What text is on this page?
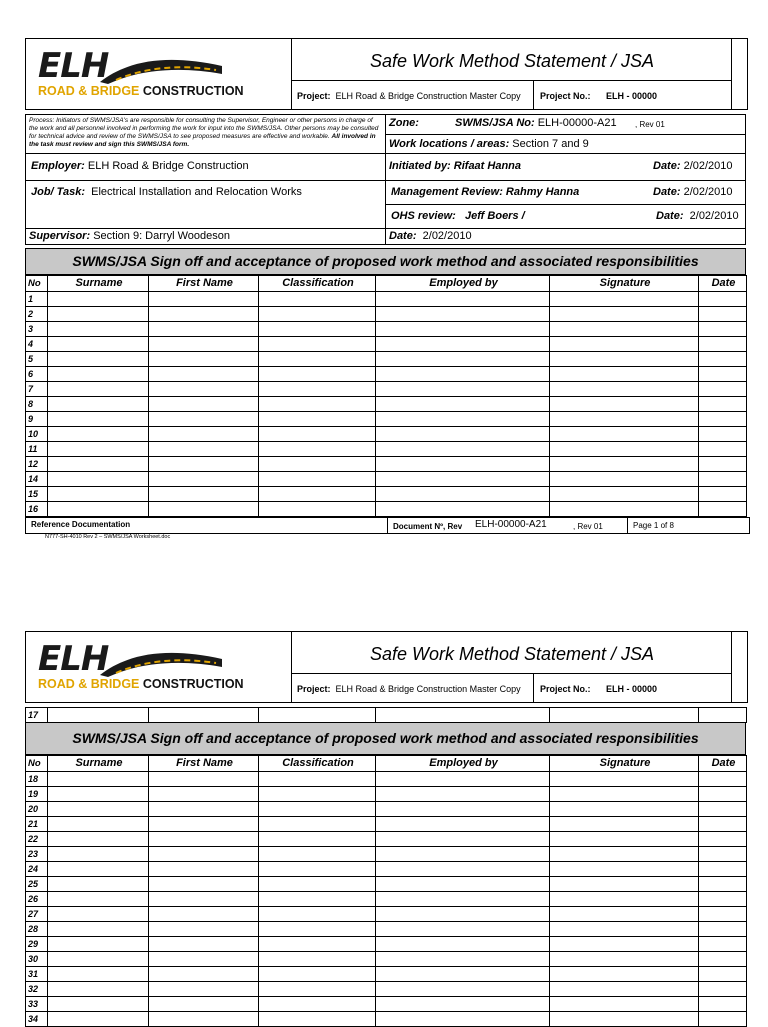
ELH
ROAD & BRIDGE CONSTRUCTION
Safe Work Method Statement / JSA
Project: ELH Road & Bridge Construction Master Copy Project No.: ELH - 00000
Process: Initiators of SWMS/JSA's are responsible for consulting the Supervisor, Engineer or other persons in charge of the work and all personnel involved in performing the work for input into the SWMS/JSA. Other persons may be consulted for technical advice and review of the SWMS/JSA to see proposed measures are effective and workable. All involved in the task must review and sign this SWMS/JSA form.
Zone:	SWMS/JSA No: ELH-00000-A21 , Rev 01
Work locations / areas: Section 7 and 9
Employer: ELH Road & Bridge Construction	Initiated by: Rifaat Hanna	Date: 2/02/2010
Job/ Task: Electrical Installation and Relocation Works	Management Review: Rahmy Hanna	Date: 2/02/2010
OHS review: Jeff Boers /	Date: 2/02/2010
Supervisor: Section 9: Darryl Woodeson	Date: 2/02/2010
SWMS/JSA Sign off and acceptance of proposed work method and associated responsibilities
No	Surname	First Name	Classification	Employed by	Signature	Date
1						
2						
3						
4						
5						
6						
7						
8						
9						
10						
11						
12						
14						
15						
16						
Reference Documentation	Document Nº, Rev ELH-00000-A21	, Rev 01	Page 1 of 8
N777-SH-4010 Rev 2 – SWMS/JSA Worksheet.doc
ELH
ROAD & BRIDGE CONSTRUCTION
Safe Work Method Statement / JSA
Project: ELH Road & Bridge Construction Master Copy Project No.: ELH - 00000
17						
SWMS/JSA Sign off and acceptance of proposed work method and associated responsibilities
No	Surname	First Name	Classification	Employed by	Signature	Date
18						
19						
20						
21						
22						
23						
24						
25						
26						
27						
28						
29						
30						
31						
32						
33						
34						
